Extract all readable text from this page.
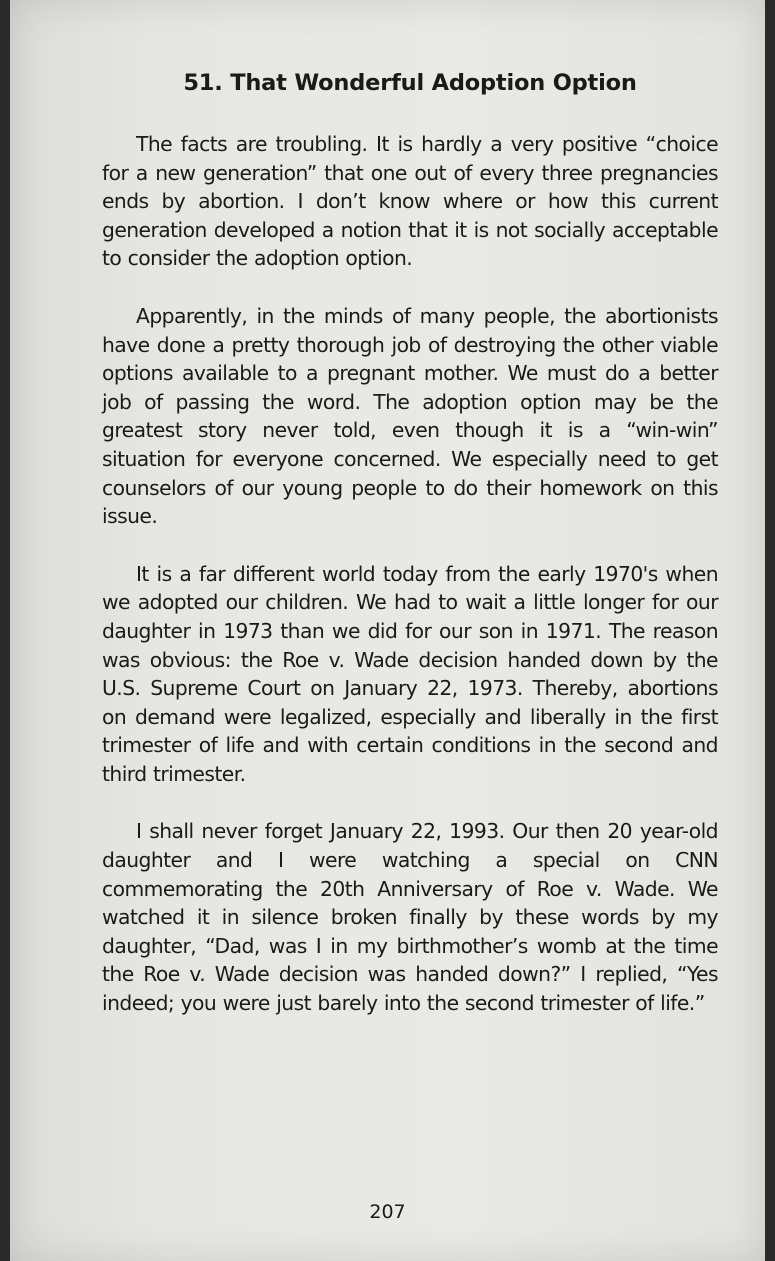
51. That Wonderful Adoption Option

The facts are troubling. It is hardly a very positive “choice for a new generation” that one out of every three pregnancies ends by abortion. I don’t know where or how this current generation developed a notion that it is not socially acceptable to consider the adoption option.

Apparently, in the minds of many people, the abortionists have done a pretty thorough job of destroying the other viable options available to a pregnant mother. We must do a better job of passing the word. The adoption option may be the greatest story never told, even though it is a “win-win” situation for everyone concerned. We especially need to get counselors of our young people to do their homework on this issue.

It is a far different world today from the early 1970's when we adopted our children. We had to wait a little longer for our daughter in 1973 than we did for our son in 1971. The reason was obvious: the Roe v. Wade decision handed down by the U.S. Supreme Court on January 22, 1973. Thereby, abortions on demand were legalized, especially and liberally in the first trimester of life and with certain conditions in the second and third trimester.

I shall never forget January 22, 1993. Our then 20 year-old daughter and I were watching a special on CNN commemorating the 20th Anniversary of Roe v. Wade. We watched it in silence broken finally by these words by my daughter, “Dad, was I in my birthmother’s womb at the time the Roe v. Wade decision was handed down?” I replied, “Yes indeed; you were just barely into the second trimester of life.”

207
